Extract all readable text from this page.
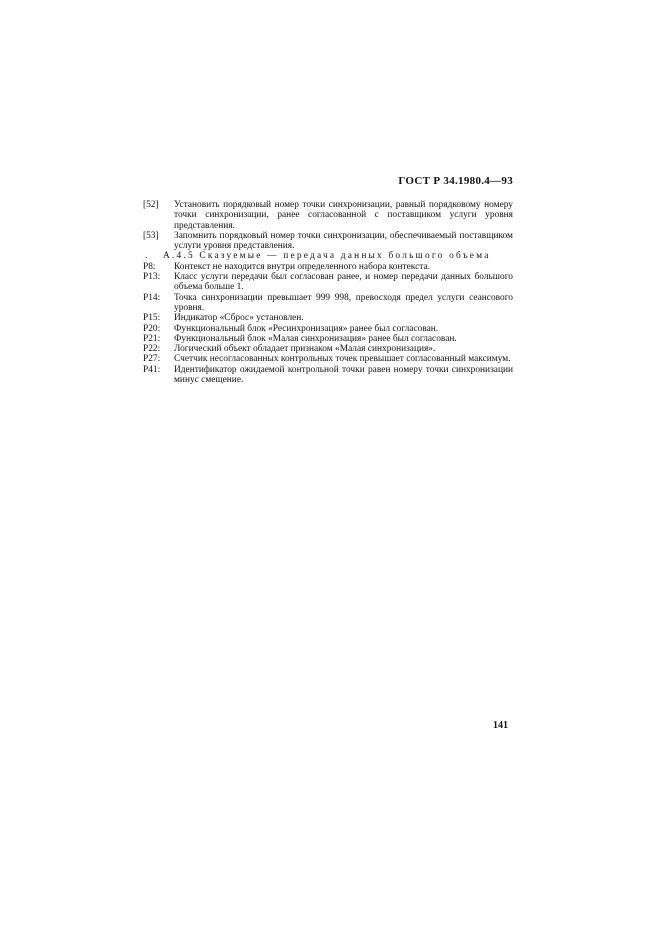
ГОСТ Р 34.1980.4—93
[52]	Установить порядковый номер точки синхронизации, равный порядковому номеру точки синхронизации, ранее согласованной с поставщиком услуги уровня представления.
[53]	Запомнить порядковый номер точки синхронизации, обеспечиваемый поставщиком услуги уровня представления.
. А.4.5 Сказуемые — передача данных большого объема
Р8:	Контекст не находится внутри определенного набора контекста.
Р13:	Класс услуги передачи был согласован ранее, и номер передачи данных большого объема больше 1.
Р14:	Точка синхронизации превышает 999 998, превосходя предел услуги сеансового уровня.
Р15:	Индикатор «Сброс» установлен.
Р20:	Функциональный блок «Ресинхронизация» ранее был согласован.
Р21:	Функциональный блок «Малая синхронизация» ранее был согласован.
Р22:	Логический объект обладает признаком «Малая синхронизация».
Р27:	Счетчик несогласованных контрольных точек превышает согласованный максимум.
Р41:	Идентификатор ожидаемой контрольной точки равен номеру точки синхронизации минус смещение.
141
